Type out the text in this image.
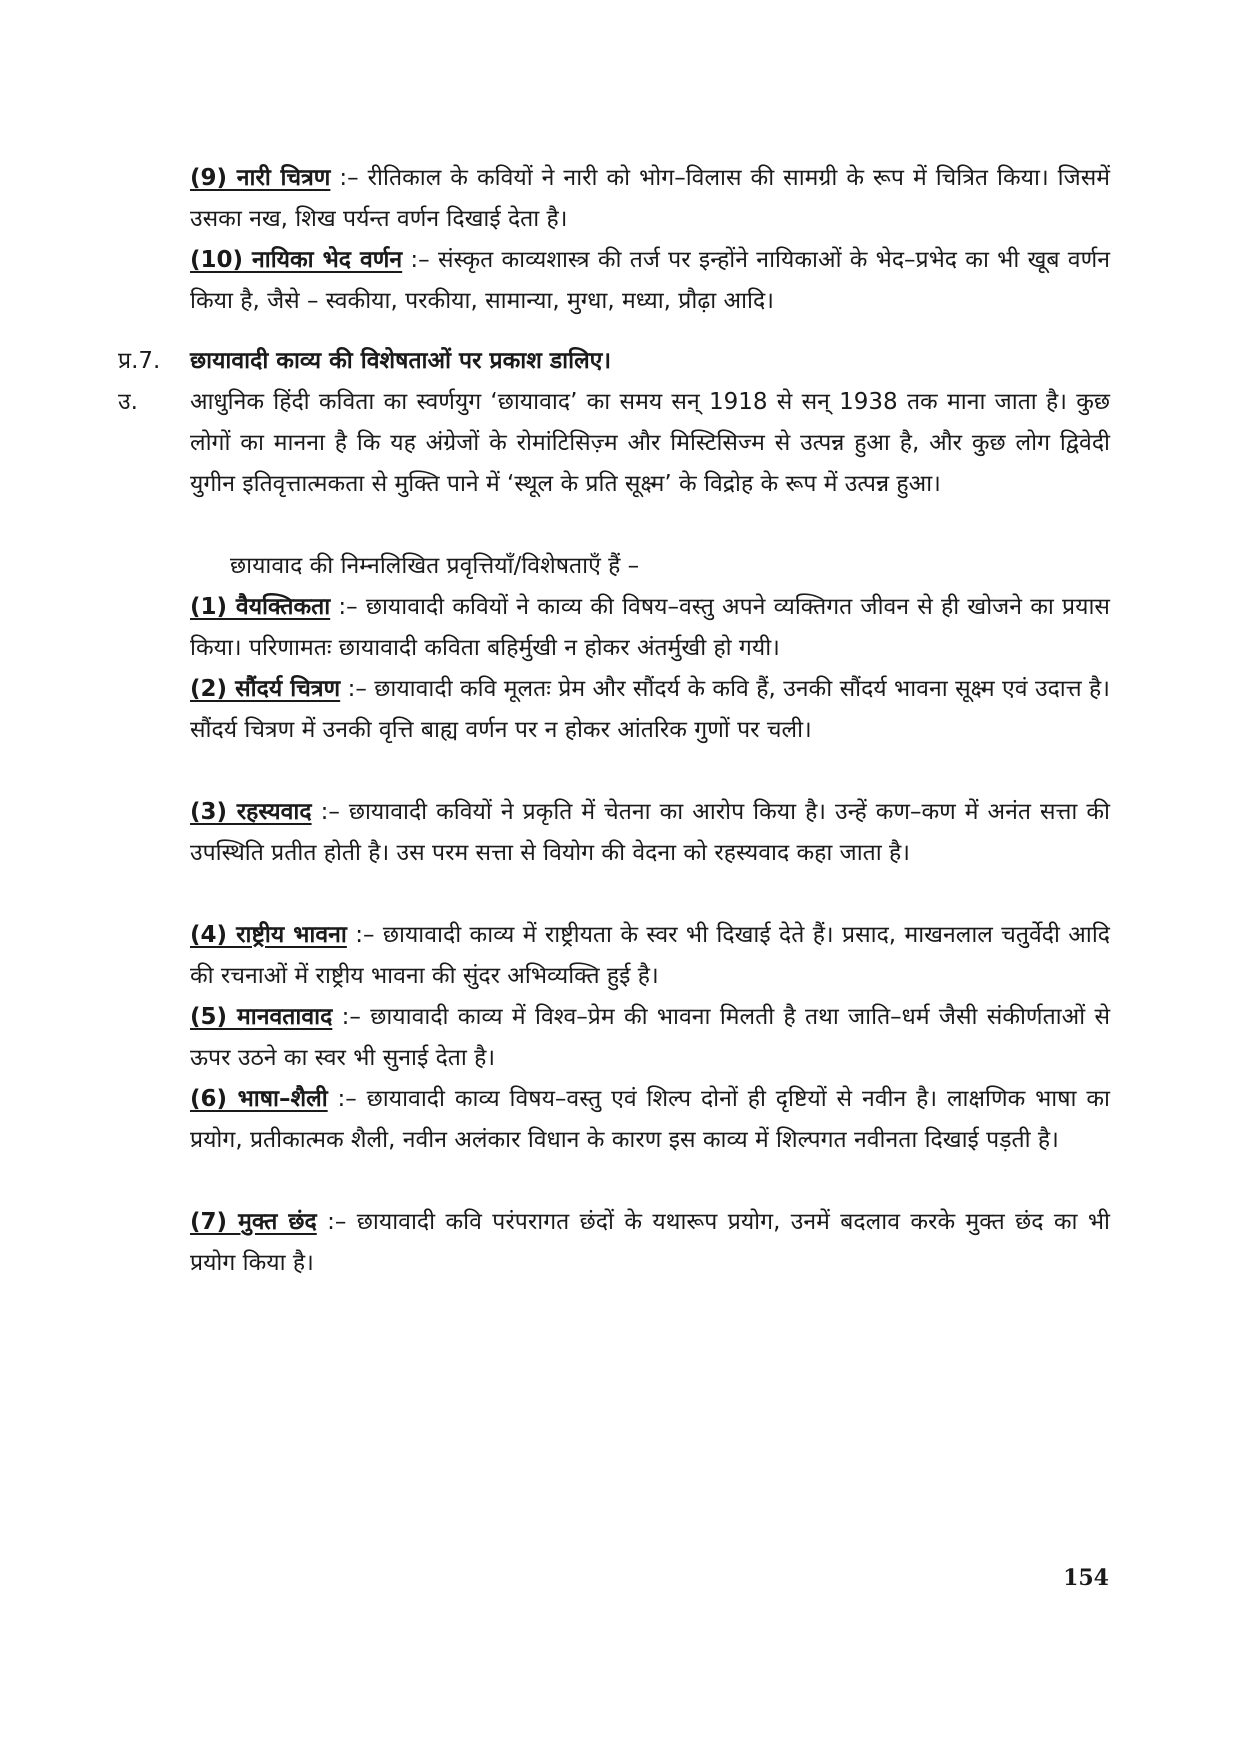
(9) नारी चित्रण :– रीतिकाल के कवियों ने नारी को भोग–विलास की सामग्री के रूप में चित्रित किया। जिसमें उसका नख, शिख पर्यन्त वर्णन दिखाई देता है।
(10) नायिका भेद वर्णन :– संस्कृत काव्यशास्त्र की तर्ज पर इन्होंने नायिकाओं के भेद–प्रभेद का भी खूब वर्णन किया है, जैसे – स्वकीया, परकीया, सामान्या, मुग्धा, मध्या, प्रौढ़ा आदि।
प्र.7. छायावादी काव्य की विशेषताओं पर प्रकाश डालिए।
उ. आधुनिक हिंदी कविता का स्वर्णयुग ‘छायावाद’ का समय सन् 1918 से सन् 1938 तक माना जाता है। कुछ लोगों का मानना है कि यह अंग्रेजों के रोमांटिसिज़्म और मिस्टिसिज्म से उत्पन्न हुआ है, और कुछ लोग द्विवेदी युगीन इतिवृत्तात्मकता से मुक्ति पाने में ‘स्थूल के प्रति सूक्ष्म’ के विद्रोह के रूप में उत्पन्न हुआ।
छायावाद की निम्नलिखित प्रवृत्तियाँ/विशेषताएँ हैं –
(1) वैयक्तिकता :– छायावादी कवियों ने काव्य की विषय–वस्तु अपने व्यक्तिगत जीवन से ही खोजने का प्रयास किया। परिणामतः छायावादी कविता बहिर्मुखी न होकर अंतर्मुखी हो गयी।
(2) सौंदर्य चित्रण :– छायावादी कवि मूलतः प्रेम और सौंदर्य के कवि हैं, उनकी सौंदर्य भावना सूक्ष्म एवं उदात्त है। सौंदर्य चित्रण में उनकी वृत्ति बाह्य वर्णन पर न होकर आंतरिक गुणों पर चली।
(3) रहस्यवाद :– छायावादी कवियों ने प्रकृति में चेतना का आरोप किया है। उन्हें कण–कण में अनंत सत्ता की उपस्थिति प्रतीत होती है। उस परम सत्ता से वियोग की वेदना को रहस्यवाद कहा जाता है।
(4) राष्ट्रीय भावना :– छायावादी काव्य में राष्ट्रीयता के स्वर भी दिखाई देते हैं। प्रसाद, माखनलाल चतुर्वेदी आदि की रचनाओं में राष्ट्रीय भावना की सुंदर अभिव्यक्ति हुई है।
(5) मानवतावाद :– छायावादी काव्य में विश्व–प्रेम की भावना मिलती है तथा जाति–धर्म जैसी संकीर्णताओं से ऊपर उठने का स्वर भी सुनाई देता है।
(6) भाषा–शैली :– छायावादी काव्य विषय–वस्तु एवं शिल्प दोनों ही दृष्टियों से नवीन है। लाक्षणिक भाषा का प्रयोग, प्रतीकात्मक शैली, नवीन अलंकार विधान के कारण इस काव्य में शिल्पगत नवीनता दिखाई पड़ती है।
(7) मुक्त छंद :– छायावादी कवि परंपरागत छंदों के यथारूप प्रयोग, उनमें बदलाव करके मुक्त छंद का भी प्रयोग किया है।
154
